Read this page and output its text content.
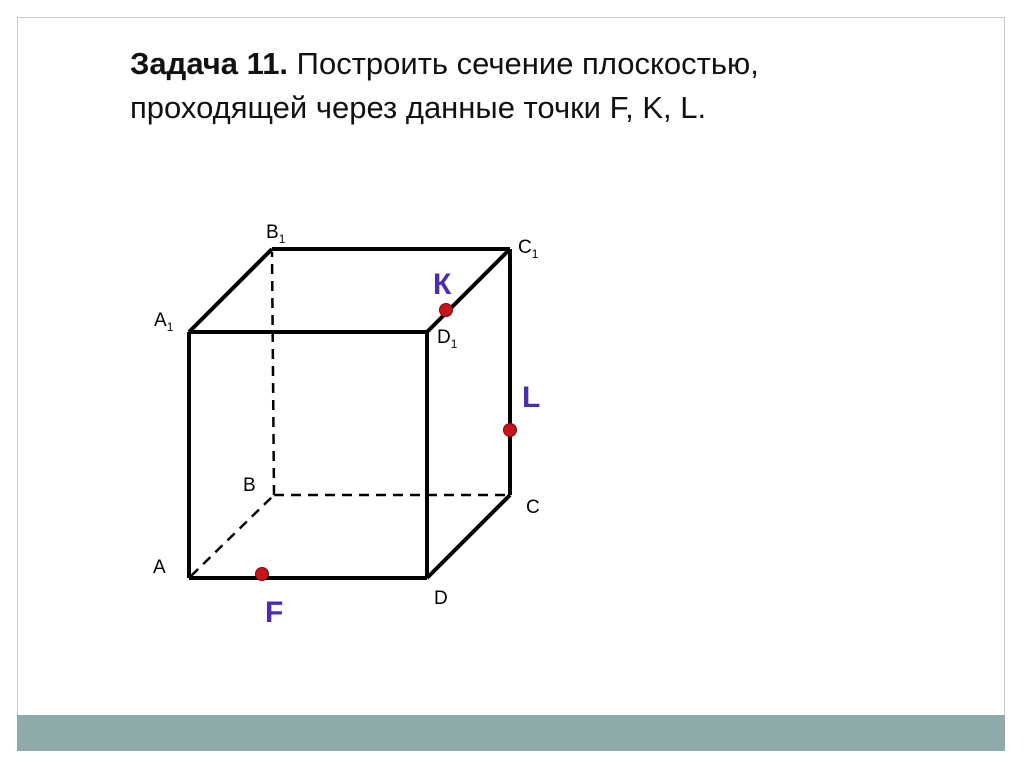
Задача 11. Построить сечение плоскостью,
проходящей через данные точки F, K, L.
$B_1$	$C_1$
$A_1$	$D_1$
B
C
A
D
К
L
F
